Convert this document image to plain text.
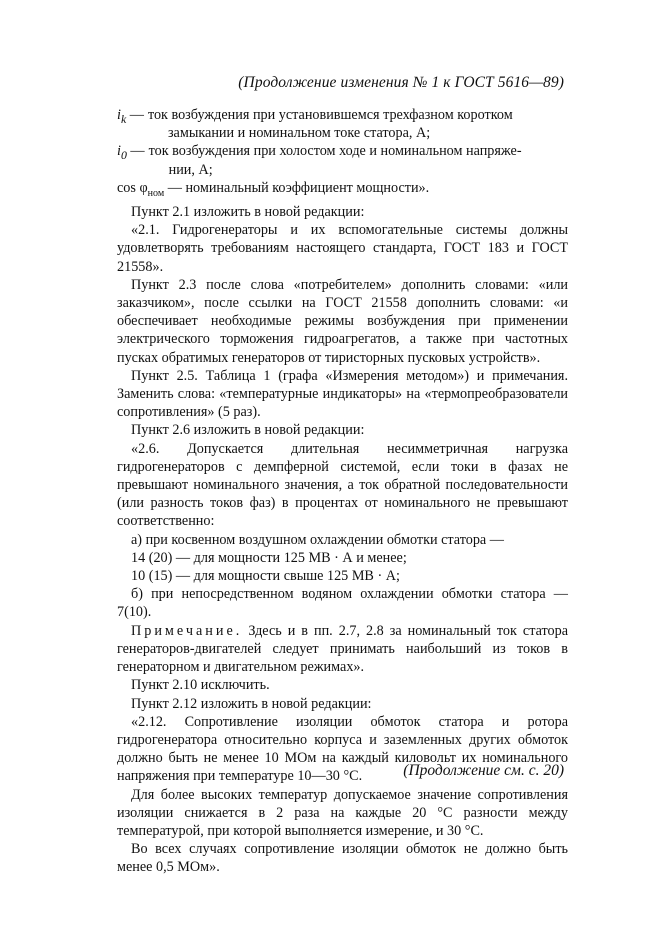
(Продолжение изменения № 1 к ГОСТ 5616—89)
$i_k$ — ток возбуждения при установившемся трехфазном коротком
замыкании и номинальном токе статора, А;
$i_0$ — ток возбуждения при холостом ходе и номинальном напряже-
нии, А;

$\cos \varphi_{ном}$ — номинальный коэффициент мощности».

Пункт 2.1 изложить в новой редакции:

«2.1. Гидрогенераторы и их вспомогательные системы должны удовлетворять требованиям настоящего стандарта, ГОСТ 183 и ГОСТ 21558».

Пункт 2.3 после слова «потребителем» дополнить словами: «или заказчиком», после ссылки на ГОСТ 21558 дополнить словами: «и обеспечивает необходимые режимы возбуждения при применении электрического торможения гидроагрегатов, а также при частотных пусках обратимых генераторов от тиристорных пусковых устройств».

Пункт 2.5. Таблица 1 (графа «Измерения методом») и примечания. Заменить слова: «температурные индикаторы» на «термопреобразователи сопротивления» (5 раз).

Пункт 2.6 изложить в новой редакции:

«2.6. Допускается длительная несимметричная нагрузка гидрогенераторов с демпферной системой, если токи в фазах не превышают номинального значения, а ток обратной последовательности (или разность токов фаз) в процентах от номинального не превышают соответственно:

а) при косвенном воздушном охлаждении обмотки статора —

14 (20) — для мощности 125 МВ · А и менее;

10 (15) — для мощности свыше 125 МВ · А;

б) при непосредственном водяном охлаждении обмотки статора — 7(10).

Примечание. Здесь и в пп. 2.7, 2.8 за номинальный ток статора генераторов-двигателей следует принимать наибольший из токов в генераторном и двигательном режимах».

Пункт 2.10 исключить.

Пункт 2.12 изложить в новой редакции:

«2.12. Сопротивление изоляции обмоток статора и ротора гидрогенератора относительно корпуса и заземленных других обмоток должно быть не менее 10 МОм на каждый киловольт их номинального напряжения при температуре 10—30 °С.

Для более высоких температур допускаемое значение сопротивления изоляции снижается в 2 раза на каждые 20 °С разности между температурой, при которой выполняется измерение, и 30 °С.

Во всех случаях сопротивление изоляции обмоток не должно быть менее 0,5 МОм».

(Продолжение см. с. 20)
